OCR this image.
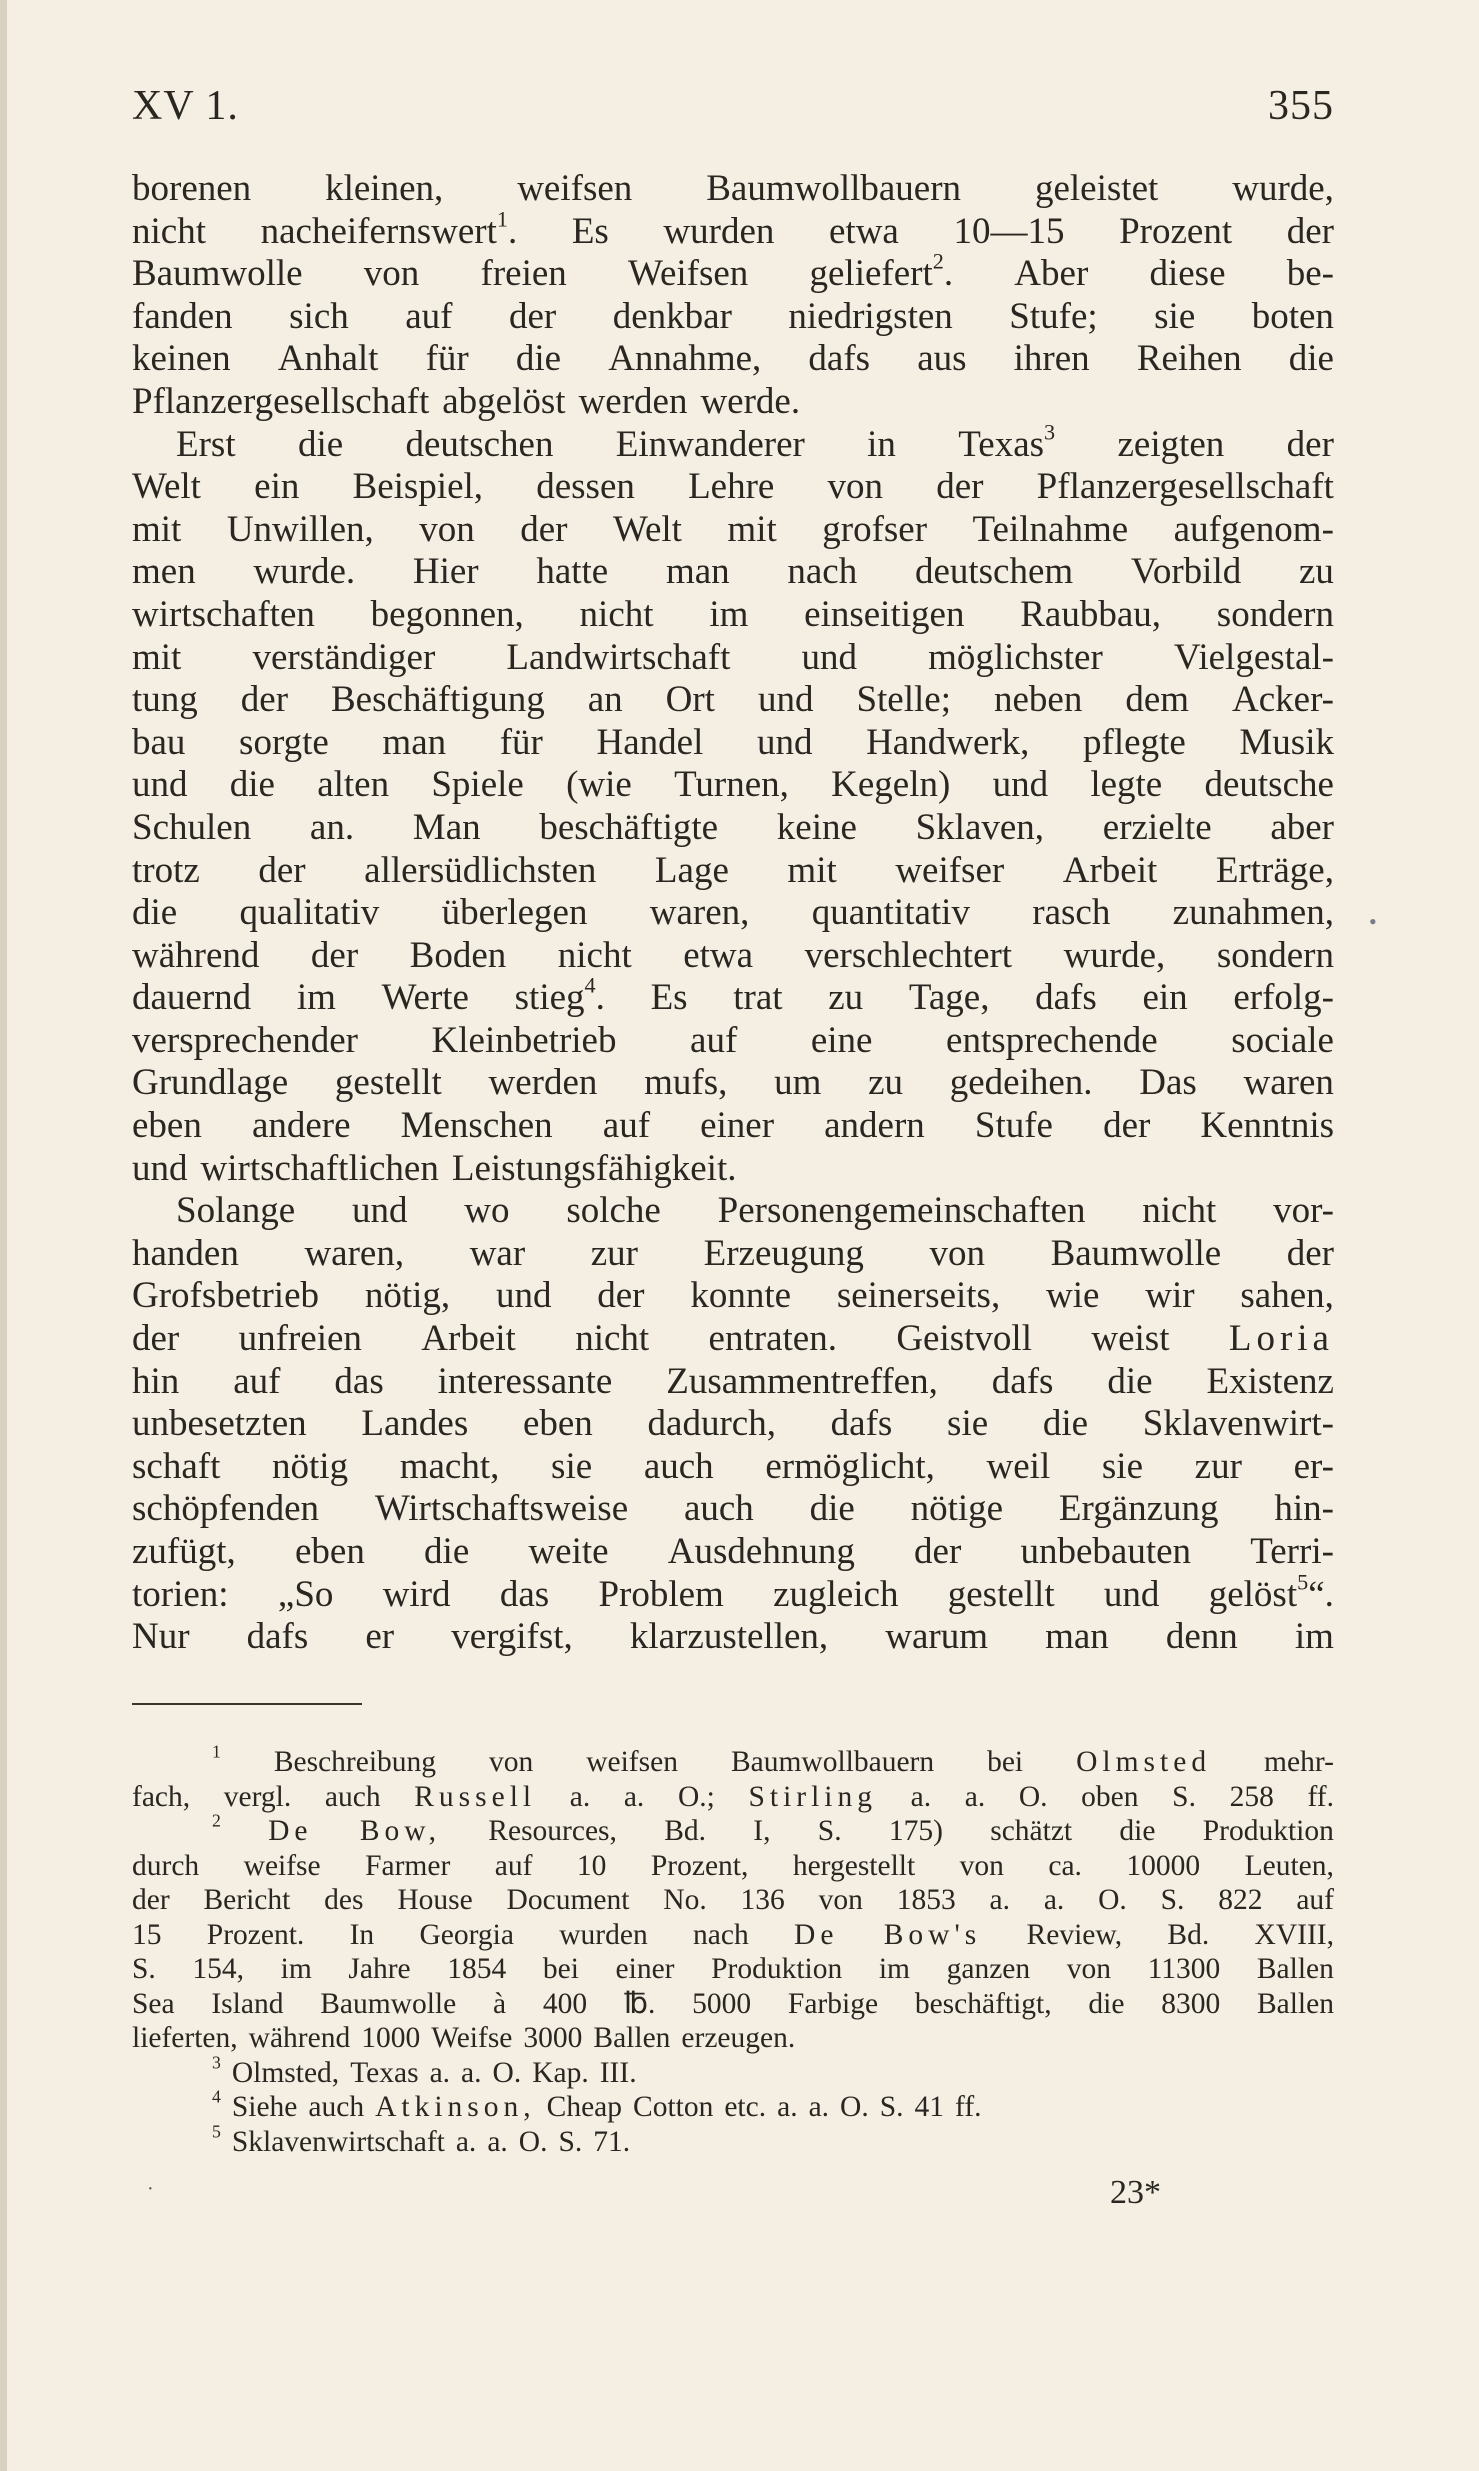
XV 1.	355
borenen kleinen, weifsen Baumwollbauern geleistet wurde,
nicht nacheifernswert$^1$. Es wurden etwa 10—15 Prozent der
Baumwolle von freien Weifsen geliefert$^2$. Aber diese be-
fanden sich auf der denkbar niedrigsten Stufe; sie boten
keinen Anhalt für die Annahme, dafs aus ihren Reihen die
Pflanzergesellschaft abgelöst werden werde.
Erst die deutschen Einwanderer in Texas$^3$ zeigten der
Welt ein Beispiel, dessen Lehre von der Pflanzergesellschaft
mit Unwillen, von der Welt mit grofser Teilnahme aufgenom-
men wurde. Hier hatte man nach deutschem Vorbild zu
wirtschaften begonnen, nicht im einseitigen Raubbau, sondern
mit verständiger Landwirtschaft und möglichster Vielgestal-
tung der Beschäftigung an Ort und Stelle; neben dem Acker-
bau sorgte man für Handel und Handwerk, pflegte Musik
und die alten Spiele (wie Turnen, Kegeln) und legte deutsche
Schulen an. Man beschäftigte keine Sklaven, erzielte aber
trotz der allersüdlichsten Lage mit weifser Arbeit Erträge,
die qualitativ überlegen waren, quantitativ rasch zunahmen,
während der Boden nicht etwa verschlechtert wurde, sondern
dauernd im Werte stieg$^4$. Es trat zu Tage, dafs ein erfolg-
versprechender Kleinbetrieb auf eine entsprechende sociale
Grundlage gestellt werden mufs, um zu gedeihen. Das waren
eben andere Menschen auf einer andern Stufe der Kenntnis
und wirtschaftlichen Leistungsfähigkeit.
Solange und wo solche Personengemeinschaften nicht vor-
handen waren, war zur Erzeugung von Baumwolle der
Grofsbetrieb nötig, und der konnte seinerseits, wie wir sahen,
der unfreien Arbeit nicht entraten. Geistvoll weist Loria
hin auf das interessante Zusammentreffen, dafs die Existenz
unbesetzten Landes eben dadurch, dafs sie die Sklavenwirt-
schaft nötig macht, sie auch ermöglicht, weil sie zur er-
schöpfenden Wirtschaftsweise auch die nötige Ergänzung hin-
zufügt, eben die weite Ausdehnung der unbebauten Terri-
torien: „So wird das Problem zugleich gestellt und gelöst$^5$“.
Nur dafs er vergifst, klarzustellen, warum man denn im
$^1$ Beschreibung von weifsen Baumwollbauern bei Olmsted mehr-
fach, vergl. auch Russell a. a. O.; Stirling a. a. O. oben S. 258 ff.
$^2$ De Bow, Resources, Bd. I, S. 175) schätzt die Produktion
durch weifse Farmer auf 10 Prozent, hergestellt von ca. 10000 Leuten,
der Bericht des House Document No. 136 von 1853 a. a. O. S. 822 auf
15 Prozent. In Georgia wurden nach De Bow's Review, Bd. XVIII,
S. 154, im Jahre 1854 bei einer Produktion im ganzen von 11300 Ballen
Sea Island Baumwolle à 400 ℔. 5000 Farbige beschäftigt, die 8300 Ballen
lieferten, während 1000 Weifse 3000 Ballen erzeugen.
$^3$ Olmsted, Texas a. a. O. Kap. III.
$^4$ Siehe auch Atkinson, Cheap Cotton etc. a. a. O. S. 41 ff.
$^5$ Sklavenwirtschaft a. a. O. S. 71.
•
·	23*
